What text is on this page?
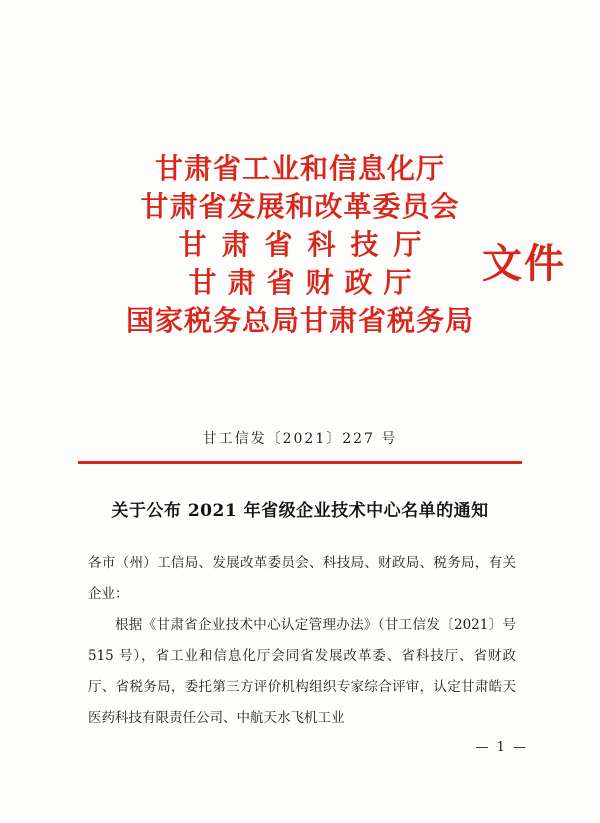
甘肃省工业和信息化厅
甘肃省发展和改革委员会
甘肃省科技厅
甘肃省财政厅
国家税务总局甘肃省税务局
文件
甘工信发〔2021〕227 号
关于公布 2021 年省级企业技术中心名单的通知

各市（州）工信局、发展改革委员会、科技局、财政局、税务局，有关企业：

根据《甘肃省企业技术中心认定管理办法》（甘工信发〔2021〕号 515 号），省工业和信息化厅会同省发展改革委、省科技厅、省财政厅、省税务局，委托第三方评价机构组织专家综合评审，认定甘肃皓天医药科技有限责任公司、中航天水飞机工业

— 1 —
